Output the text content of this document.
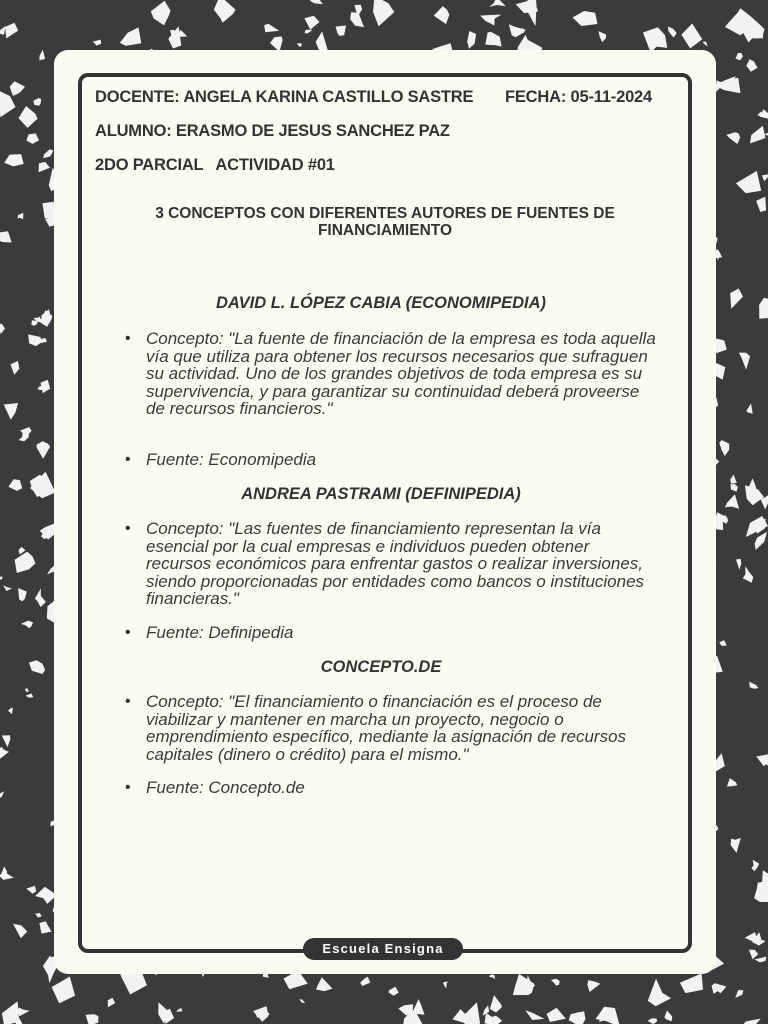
DOCENTE: ANGELA KARINA CASTILLO SASTRE FECHA: 05-11-2024
ALUMNO: ERASMO DE JESUS SANCHEZ PAZ
2DO PARCIAL ACTIVIDAD #01
3 CONCEPTOS CON DIFERENTES AUTORES DE FUENTES DE FINANCIAMIENTO
DAVID L. LÓPEZ CABIA (ECONOMIPEDIA)
• Concepto: "La fuente de financiación de la empresa es toda aquella vía que utiliza para obtener los recursos necesarios que sufraguen su actividad. Uno de los grandes objetivos de toda empresa es su supervivencia, y para garantizar su continuidad deberá proveerse de recursos financieros."
• Fuente: Economipedia
ANDREA PASTRAMI (DEFINIPEDIA)
• Concepto: "Las fuentes de financiamiento representan la vía esencial por la cual empresas e individuos pueden obtener recursos económicos para enfrentar gastos o realizar inversiones, siendo proporcionadas por entidades como bancos o instituciones financieras."
• Fuente: Definipedia
CONCEPTO.DE
• Concepto: "El financiamiento o financiación es el proceso de viabilizar y mantener en marcha un proyecto, negocio o emprendimiento específico, mediante la asignación de recursos capitales (dinero o crédito) para el mismo."
• Fuente: Concepto.de
Escuela Ensigna
